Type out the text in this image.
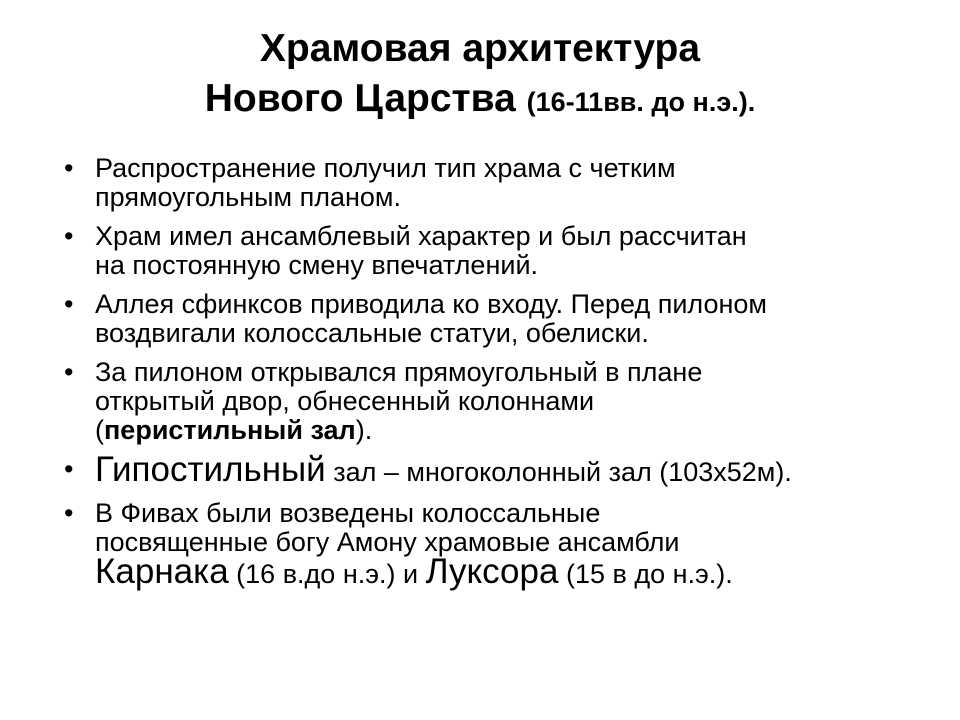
Храмовая архитектура
Нового Царства (16-11вв. до н.э.).
• Распространение получил тип храма с четким
прямоугольным планом.
• Храм имел ансамблевый характер и был рассчитан
на постоянную смену впечатлений.
• Аллея сфинксов приводила ко входу. Перед пилоном
воздвигали колоссальные статуи, обелиски.
• За пилоном открывался прямоугольный в плане
открытый двор, обнесенный колоннами
(перистильный зал).
• Гипостильный зал – многоколонный зал (103х52м).
• В Фивах были возведены колоссальные
посвященные богу Амону храмовые ансамбли
Карнака (16 в.до н.э.) и Луксора (15 в до н.э.).
